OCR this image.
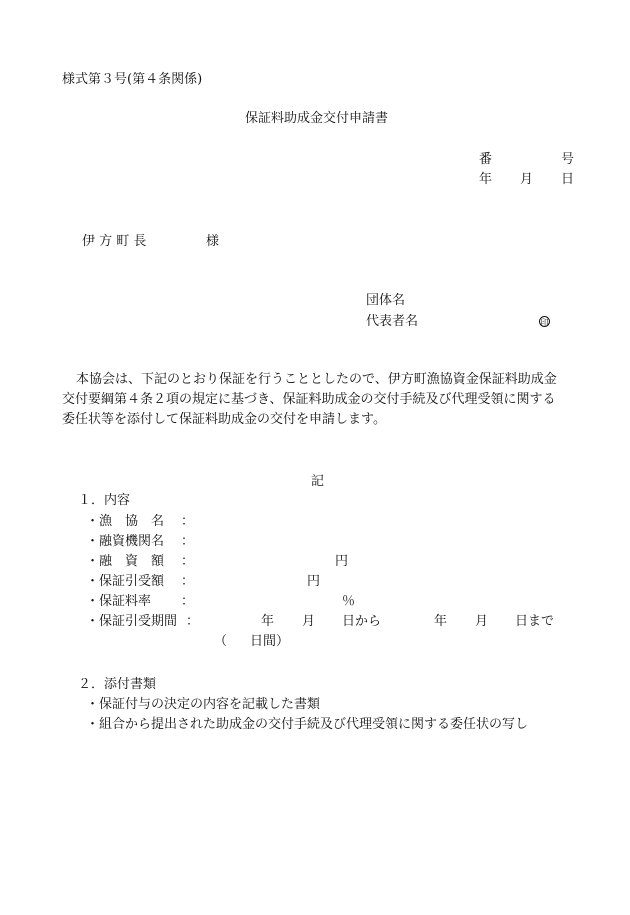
様式第３号(第４条関係)
保証料助成金交付申請書
番	号
年 月 日
伊 方 町 長	様
団体名
代表者名	印
本協会は、下記のとおり保証を行うこととしたので、伊方町漁協資金保証料助成金
交付要綱第４条２項の規定に基づき、保証料助成金の交付手続及び代理受領に関する
委任状等を添付して保証料助成金の交付を申請します。
記
１．内容
・漁　協　名 ：
・融資機関名 ：
・融　資　額 ：	円
・保証引受額 ：	円
・保証料率 ：	％
・保証引受期間 ：	年 月 日から	年 月 日まで
（ 日間）
２．添付書類
・保証付与の決定の内容を記載した書類
・組合から提出された助成金の交付手続及び代理受領に関する委任状の写し
